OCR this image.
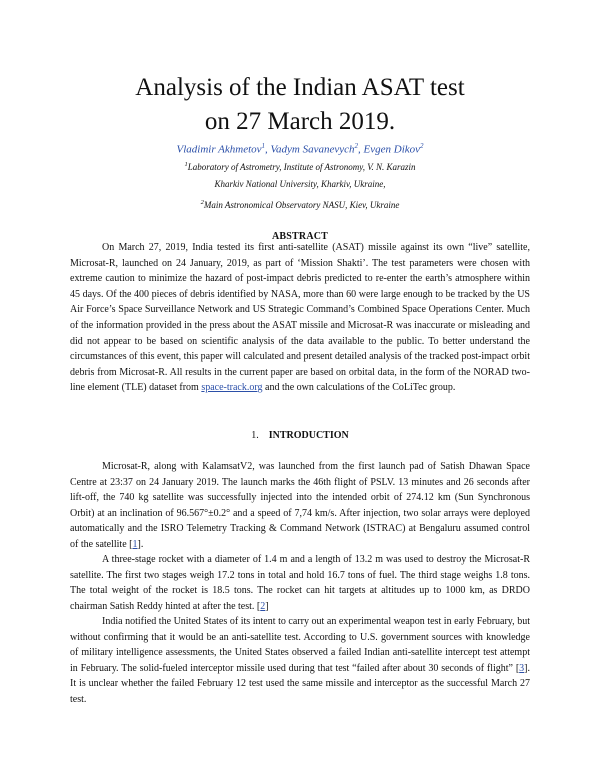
Analysis of the Indian ASAT test
on 27 March 2019.
Vladimir Akhmetov$^1$, Vadym Savanevych$^2$, Evgen Dikov$^2$
$^1$Laboratory of Astrometry, Institute of Astronomy, V. N. Karazin
Kharkiv National University, Kharkiv, Ukraine,
$^2$Main Astronomical Observatory NASU, Kiev, Ukraine
ABSTRACT

On March 27, 2019, India tested its first anti-satellite (ASAT) missile against its own “live” satellite, Microsat-R, launched on 24 January, 2019, as part of ‘Mission Shakti’. The test parameters were chosen with extreme caution to minimize the hazard of post-impact debris predicted to re-enter the earth’s atmosphere within 45 days. Of the 400 pieces of debris identified by NASA, more than 60 were large enough to be tracked by the US Air Force’s Space Surveillance Network and US Strategic Command’s Combined Space Operations Center. Much of the information provided in the press about the ASAT missile and Microsat-R was inaccurate or misleading and did not appear to be based on scientific analysis of the data available to the public. To better understand the circumstances of this event, this paper will calculated and present detailed analysis of the tracked post-impact orbit debris from Microsat-R. All results in the current paper are based on orbital data, in the form of the NORAD two-line element (TLE) dataset from space-track.org and the own calculations of the CoLiTec group.

1. INTRODUCTION

Microsat-R, along with KalamsatV2, was launched from the first launch pad of Satish Dhawan Space Centre at 23:37 on 24 January 2019. The launch marks the 46th flight of PSLV. 13 minutes and 26 seconds after lift-off, the 740 kg satellite was successfully injected into the intended orbit of 274.12 km (Sun Synchronous Orbit) at an inclination of 96.567°±0.2° and a speed of 7,74 km/s. After injection, two solar arrays were deployed automatically and the ISRO Telemetry Tracking & Command Network (ISTRAC) at Bengaluru assumed control of the satellite [1].

A three-stage rocket with a diameter of 1.4 m and a length of 13.2 m was used to destroy the Microsat-R satellite. The first two stages weigh 17.2 tons in total and hold 16.7 tons of fuel. The third stage weighs 1.8 tons. The total weight of the rocket is 18.5 tons. The rocket can hit targets at altitudes up to 1000 km, as DRDO chairman Satish Reddy hinted at after the test. [2]

India notified the United States of its intent to carry out an experimental weapon test in early February, but without confirming that it would be an anti-satellite test. According to U.S. government sources with knowledge of military intelligence assessments, the United States observed a failed Indian anti-satellite intercept test attempt in February. The solid-fueled interceptor missile used during that test “failed after about 30 seconds of flight” [3]. It is unclear whether the failed February 12 test used the same missile and interceptor as the successful March 27 test.
